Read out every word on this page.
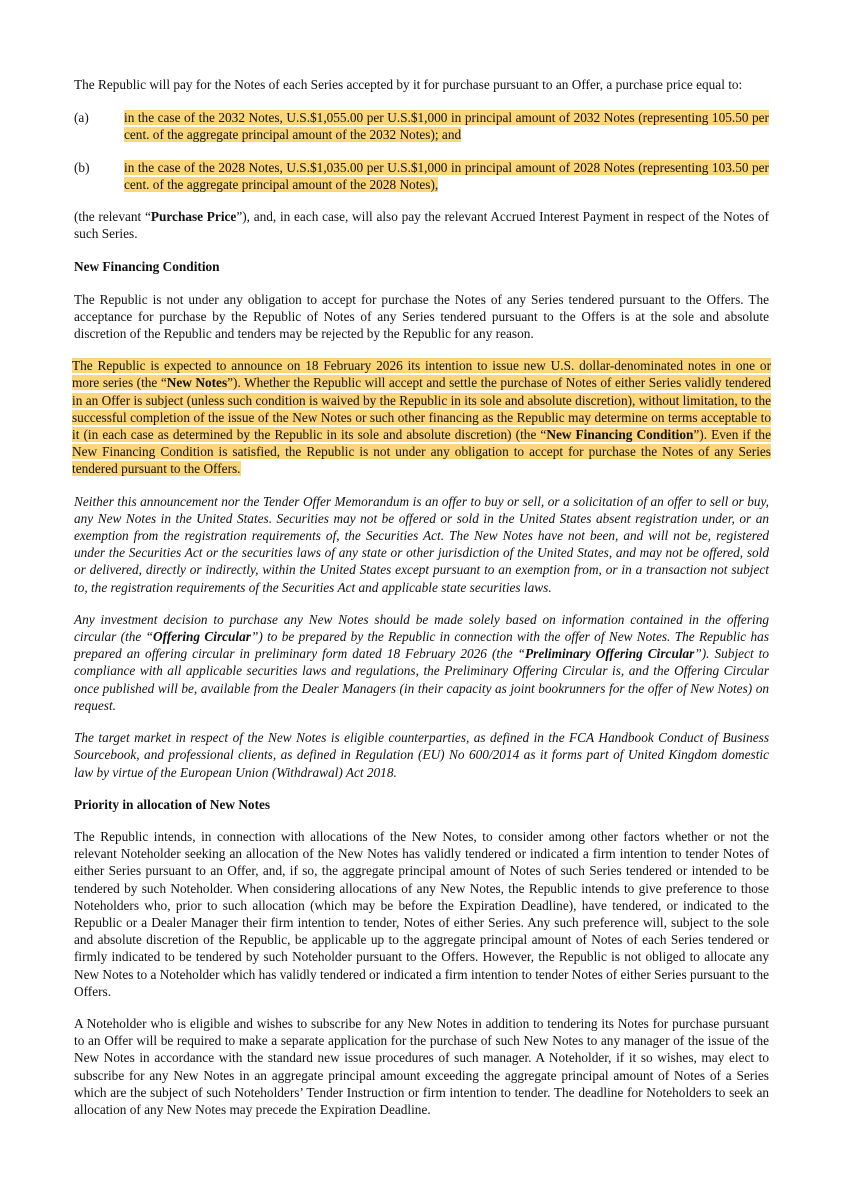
The Republic will pay for the Notes of each Series accepted by it for purchase pursuant to an Offer, a purchase price equal to:

(a)	in the case of the 2032 Notes, U.S.$1,055.00 per U.S.$1,000 in principal amount of 2032 Notes (representing 105.50 per cent. of the aggregate principal amount of the 2032 Notes); and
(b)	in the case of the 2028 Notes, U.S.$1,035.00 per U.S.$1,000 in principal amount of 2028 Notes (representing 103.50 per cent. of the aggregate principal amount of the 2028 Notes),

(the relevant “Purchase Price”), and, in each case, will also pay the relevant Accrued Interest Payment in respect of the Notes of such Series.

New Financing Condition

The Republic is not under any obligation to accept for purchase the Notes of any Series tendered pursuant to the Offers. The acceptance for purchase by the Republic of Notes of any Series tendered pursuant to the Offers is at the sole and absolute discretion of the Republic and tenders may be rejected by the Republic for any reason.

The Republic is expected to announce on 18 February 2026 its intention to issue new U.S. dollar-denominated notes in one or more series (the “New Notes”). Whether the Republic will accept and settle the purchase of Notes of either Series validly tendered in an Offer is subject (unless such condition is waived by the Republic in its sole and absolute discretion), without limitation, to the successful completion of the issue of the New Notes or such other financing as the Republic may determine on terms acceptable to it (in each case as determined by the Republic in its sole and absolute discretion) (the “New Financing Condition”). Even if the New Financing Condition is satisfied, the Republic is not under any obligation to accept for purchase the Notes of any Series tendered pursuant to the Offers.

Neither this announcement nor the Tender Offer Memorandum is an offer to buy or sell, or a solicitation of an offer to sell or buy, any New Notes in the United States. Securities may not be offered or sold in the United States absent registration under, or an exemption from the registration requirements of, the Securities Act. The New Notes have not been, and will not be, registered under the Securities Act or the securities laws of any state or other jurisdiction of the United States, and may not be offered, sold or delivered, directly or indirectly, within the United States except pursuant to an exemption from, or in a transaction not subject to, the registration requirements of the Securities Act and applicable state securities laws.

Any investment decision to purchase any New Notes should be made solely based on information contained in the offering circular (the “Offering Circular”) to be prepared by the Republic in connection with the offer of New Notes. The Republic has prepared an offering circular in preliminary form dated 18 February 2026 (the “Preliminary Offering Circular”). Subject to compliance with all applicable securities laws and regulations, the Preliminary Offering Circular is, and the Offering Circular once published will be, available from the Dealer Managers (in their capacity as joint bookrunners for the offer of New Notes) on request.

The target market in respect of the New Notes is eligible counterparties, as defined in the FCA Handbook Conduct of Business Sourcebook, and professional clients, as defined in Regulation (EU) No 600/2014 as it forms part of United Kingdom domestic law by virtue of the European Union (Withdrawal) Act 2018.

Priority in allocation of New Notes

The Republic intends, in connection with allocations of the New Notes, to consider among other factors whether or not the relevant Noteholder seeking an allocation of the New Notes has validly tendered or indicated a firm intention to tender Notes of either Series pursuant to an Offer, and, if so, the aggregate principal amount of Notes of such Series tendered or intended to be tendered by such Noteholder. When considering allocations of any New Notes, the Republic intends to give preference to those Noteholders who, prior to such allocation (which may be before the Expiration Deadline), have tendered, or indicated to the Republic or a Dealer Manager their firm intention to tender, Notes of either Series. Any such preference will, subject to the sole and absolute discretion of the Republic, be applicable up to the aggregate principal amount of Notes of each Series tendered or firmly indicated to be tendered by such Noteholder pursuant to the Offers. However, the Republic is not obliged to allocate any New Notes to a Noteholder which has validly tendered or indicated a firm intention to tender Notes of either Series pursuant to the Offers.

A Noteholder who is eligible and wishes to subscribe for any New Notes in addition to tendering its Notes for purchase pursuant to an Offer will be required to make a separate application for the purchase of such New Notes to any manager of the issue of the New Notes in accordance with the standard new issue procedures of such manager. A Noteholder, if it so wishes, may elect to subscribe for any New Notes in an aggregate principal amount exceeding the aggregate principal amount of Notes of a Series which are the subject of such Noteholders’ Tender Instruction or firm intention to tender. The deadline for Noteholders to seek an allocation of any New Notes may precede the Expiration Deadline.
